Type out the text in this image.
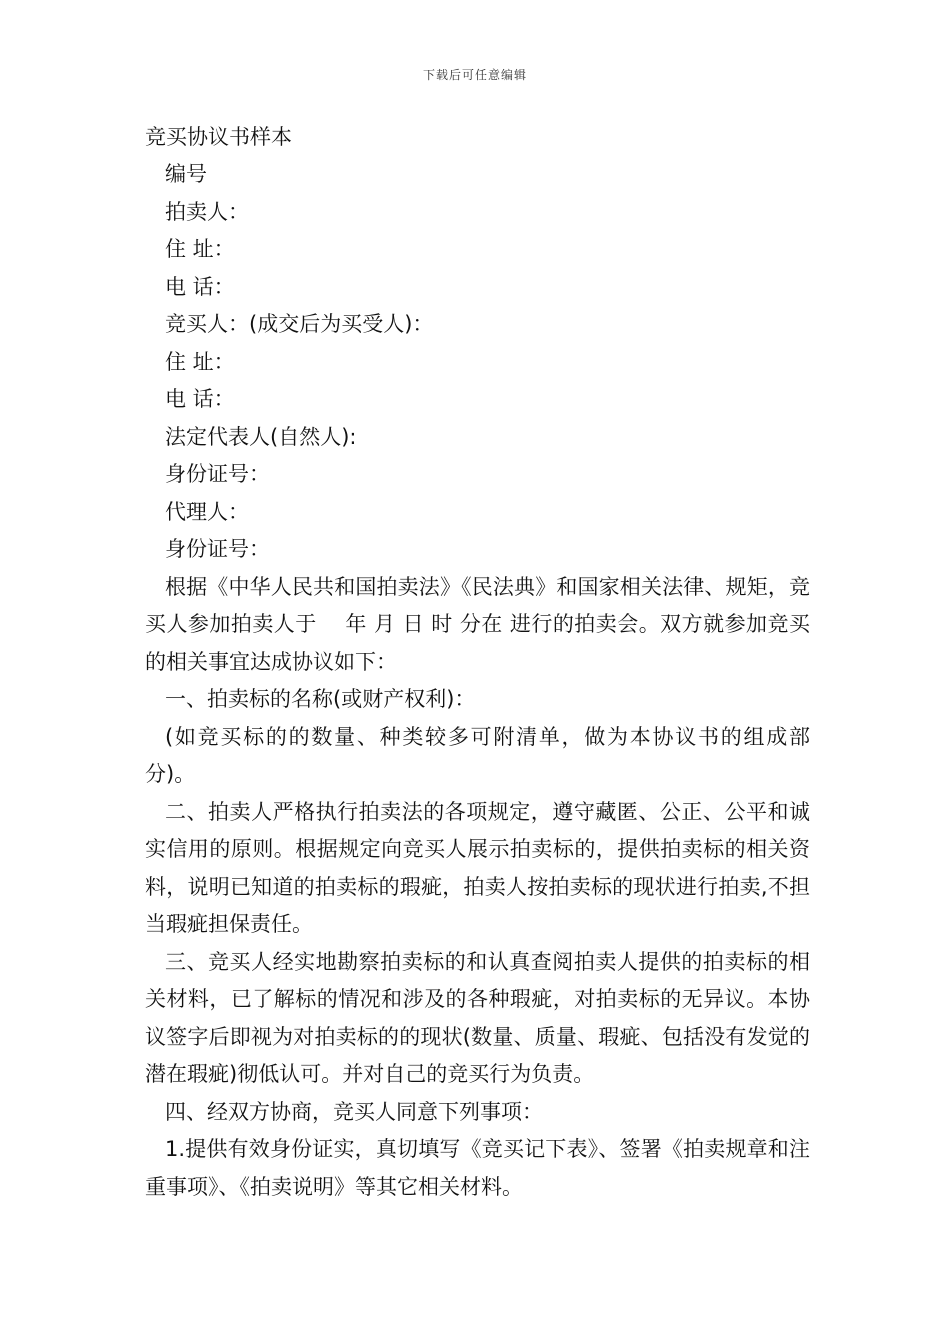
下载后可任意编辑

竞买协议书样本

编号

拍卖人：

住 址：

电 话：

竞买人：(成交后为买受人)：

住 址：

电 话：

法定代表人(自然人):

身份证号：

代理人：

身份证号：

根据《中华人民共和国拍卖法》《民法典》和国家相关法律、规矩，竞买人参加拍卖人于　 年 月 日 时 分在 进行的拍卖会。双方就参加竞买的相关事宜达成协议如下：

一、拍卖标的名称(或财产权利)：

(如竞买标的的数量、种类较多可附清单，做为本协议书的组成部分)。

二、拍卖人严格执行拍卖法的各项规定，遵守藏匿、公正、公平和诚实信用的原则。根据规定向竞买人展示拍卖标的，提供拍卖标的相关资料，说明已知道的拍卖标的瑕疵，拍卖人按拍卖标的现状进行拍卖,不担当瑕疵担保责任。

三、竞买人经实地勘察拍卖标的和认真查阅拍卖人提供的拍卖标的相关材料，已了解标的情况和涉及的各种瑕疵，对拍卖标的无异议。本协议签字后即视为对拍卖标的的现状(数量、质量、瑕疵、包括没有发觉的潜在瑕疵)彻低认可。并对自己的竞买行为负责。

四、经双方协商，竞买人同意下列事项：

1.提供有效身份证实，真切填写《竞买记下表》、签署《拍卖规章和注重事项》、《拍卖说明》等其它相关材料。
